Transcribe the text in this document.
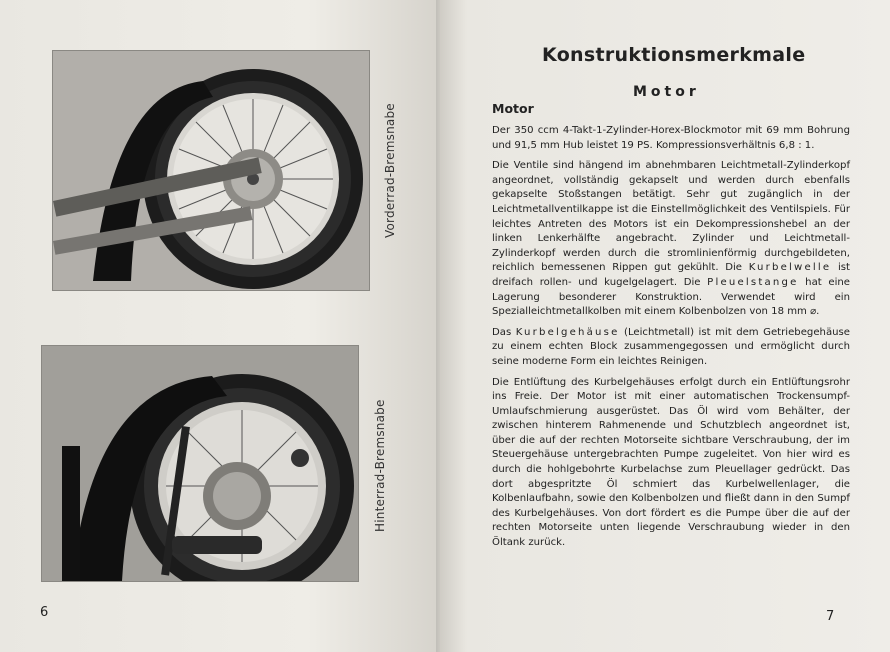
Vorderrad-Bremsnabe
Hinterrad-Bremsnabe
6
Konstruktionsmerkmale
Motor
Motor

Der 350 ccm 4-Takt-1-Zylinder-Horex-Blockmotor mit 69 mm Bohrung und 91,5 mm Hub leistet 19 PS. Kompressionsverhältnis 6,8 : 1.

Die Ventile sind hängend im abnehmbaren Leichtmetall-Zylinderkopf angeordnet, vollständig gekapselt und werden durch ebenfalls gekapselte Stoßstangen betätigt. Sehr gut zugänglich in der Leichtmetallventilkappe ist die Einstellmöglichkeit des Ventilspiels. Für leichtes Antreten des Motors ist ein Dekompressionshebel an der linken Lenkerhälfte angebracht. Zylinder und Leichtmetall-Zylinderkopf werden durch die stromlinienförmig durchgebildeten, reichlich bemessenen Rippen gut gekühlt. Die Kurbelwelle ist dreifach rollen- und kugelgelagert. Die Pleuelstange hat eine Lagerung besonderer Konstruktion. Verwendet wird ein Spezialleichtmetallkolben mit einem Kolbenbolzen von 18 mm ⌀.

Das Kurbelgehäuse (Leichtmetall) ist mit dem Getriebegehäuse zu einem echten Block zusammengegossen und ermöglicht durch seine moderne Form ein leichtes Reinigen.

Die Entlüftung des Kurbelgehäuses erfolgt durch ein Entlüftungsrohr ins Freie. Der Motor ist mit einer automatischen Trockensumpf-Umlaufschmierung ausgerüstet. Das Öl wird vom Behälter, der zwischen hinterem Rahmenende und Schutzblech angeordnet ist, über die auf der rechten Motorseite sichtbare Verschraubung, der im Steuergehäuse untergebrachten Pumpe zugeleitet. Von hier wird es durch die hohlgebohrte Kurbelachse zum Pleuellager gedrückt. Das dort abgespritzte Öl schmiert das Kurbelwellenlager, die Kolbenlaufbahn, sowie den Kolbenbolzen und fließt dann in den Sumpf des Kurbelgehäuses. Von dort fördert es die Pumpe über die auf der rechten Motorseite unten liegende Verschraubung wieder in den Öltank zurück.

7
